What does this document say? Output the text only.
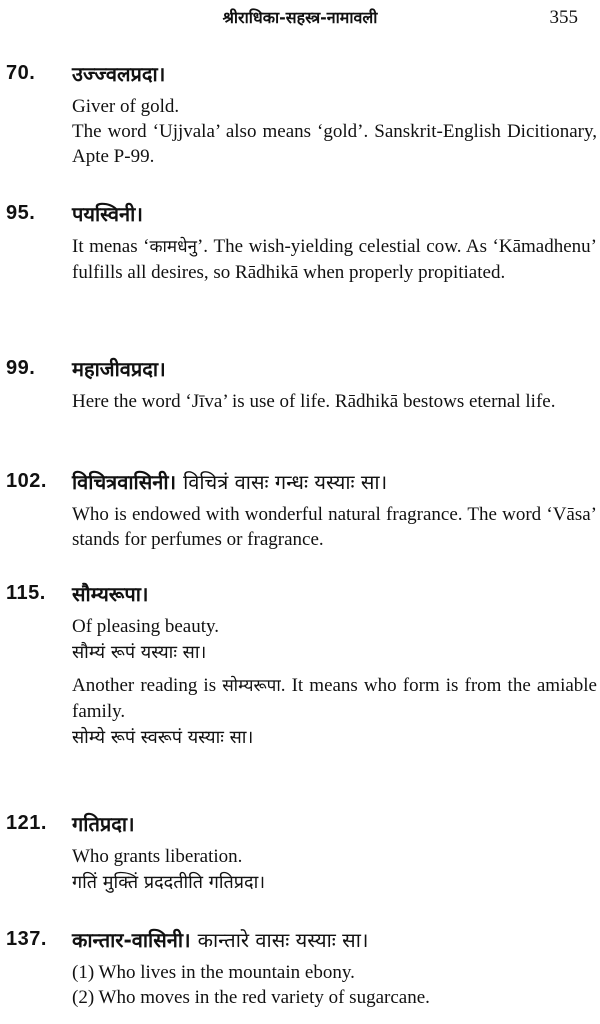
श्रीराधिका-सहस्त्र-नामावली	355
70. उज्ज्वलप्रदा।

Giver of gold.

The word ‘Ujjvala’ also means ‘gold’. Sanskrit-English Dicitionary, Apte P-99.

95. पयस्विनी।

It menas ‘कामधेनु’. The wish-yielding celestial cow. As ‘Kāmadhenu’ fulfills all desires, so Rādhikā when properly propitiated.

99. महाजीवप्रदा।

Here the word ‘Jīva’ is use of life. Rādhikā bestows eternal life.

102. विचित्रवासिनी। विचित्रं वासः गन्धः यस्याः सा।

Who is endowed with wonderful natural fragrance. The word ‘Vāsa’ stands for perfumes or fragrance.

115. सौम्यरूपा।

Of pleasing beauty.

सौम्यं रूपं यस्याः सा।

Another reading is सोम्यरूपा. It means who form is from the amiable family.

सोम्ये रूपं स्वरूपं यस्याः सा।

121. गतिप्रदा।

Who grants liberation.

गतिं मुक्तिं प्रददतीति गतिप्रदा।

137. कान्तार-वासिनी। कान्तारे वासः यस्याः सा।

(1) Who lives in the mountain ebony.

(2) Who moves in the red variety of sugarcane.
